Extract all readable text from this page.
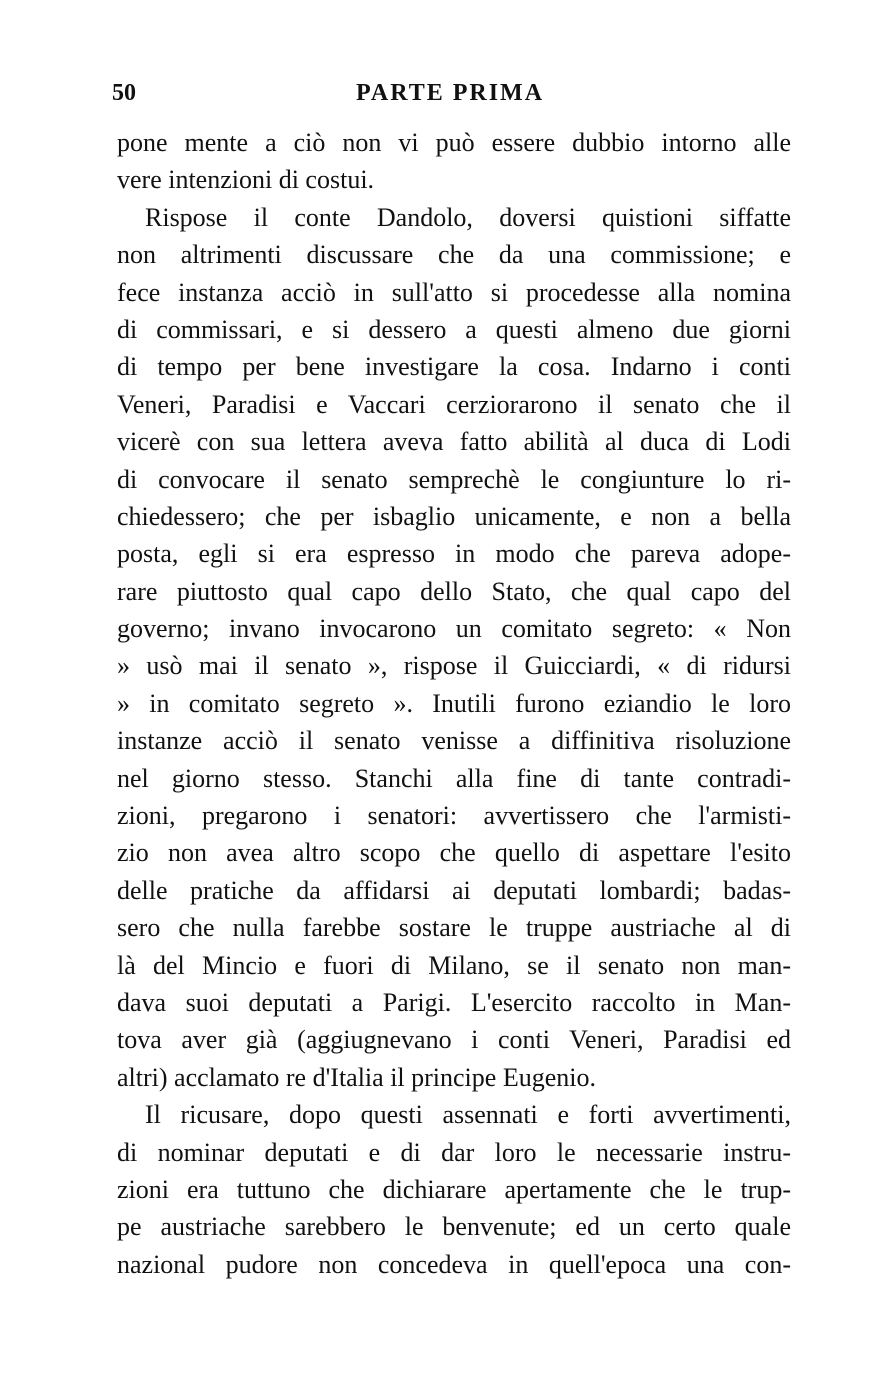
50	PARTE PRIMA
pone mente a ciò non vi può essere dubbio intorno alle
vere intenzioni di costui.
Rispose il conte Dandolo, doversi quistioni siffatte
non altrimenti discussare che da una commissione; e
fece instanza acciò in sull'atto si procedesse alla nomina
di commissari, e si dessero a questi almeno due giorni
di tempo per bene investigare la cosa. Indarno i conti
Veneri, Paradisi e Vaccari cerziorarono il senato che il
vicerè con sua lettera aveva fatto abilità al duca di Lodi
di convocare il senato semprechè le congiunture lo ri-
chiedessero; che per isbaglio unicamente, e non a bella
posta, egli si era espresso in modo che pareva adope-
rare piuttosto qual capo dello Stato, che qual capo del
governo; invano invocarono un comitato segreto: « Non
» usò mai il senato », rispose il Guicciardi, « di ridursi
» in comitato segreto ». Inutili furono eziandio le loro
instanze acciò il senato venisse a diffinitiva risoluzione
nel giorno stesso. Stanchi alla fine di tante contradi-
zioni, pregarono i senatori: avvertissero che l'armisti-
zio non avea altro scopo che quello di aspettare l'esito
delle pratiche da affidarsi ai deputati lombardi; badas-
sero che nulla farebbe sostare le truppe austriache al di
là del Mincio e fuori di Milano, se il senato non man-
dava suoi deputati a Parigi. L'esercito raccolto in Man-
tova aver già (aggiugnevano i conti Veneri, Paradisi ed
altri) acclamato re d'Italia il principe Eugenio.
Il ricusare, dopo questi assennati e forti avvertimenti,
di nominar deputati e di dar loro le necessarie instru-
zioni era tuttuno che dichiarare apertamente che le trup-
pe austriache sarebbero le benvenute; ed un certo quale
nazional pudore non concedeva in quell'epoca una con-
